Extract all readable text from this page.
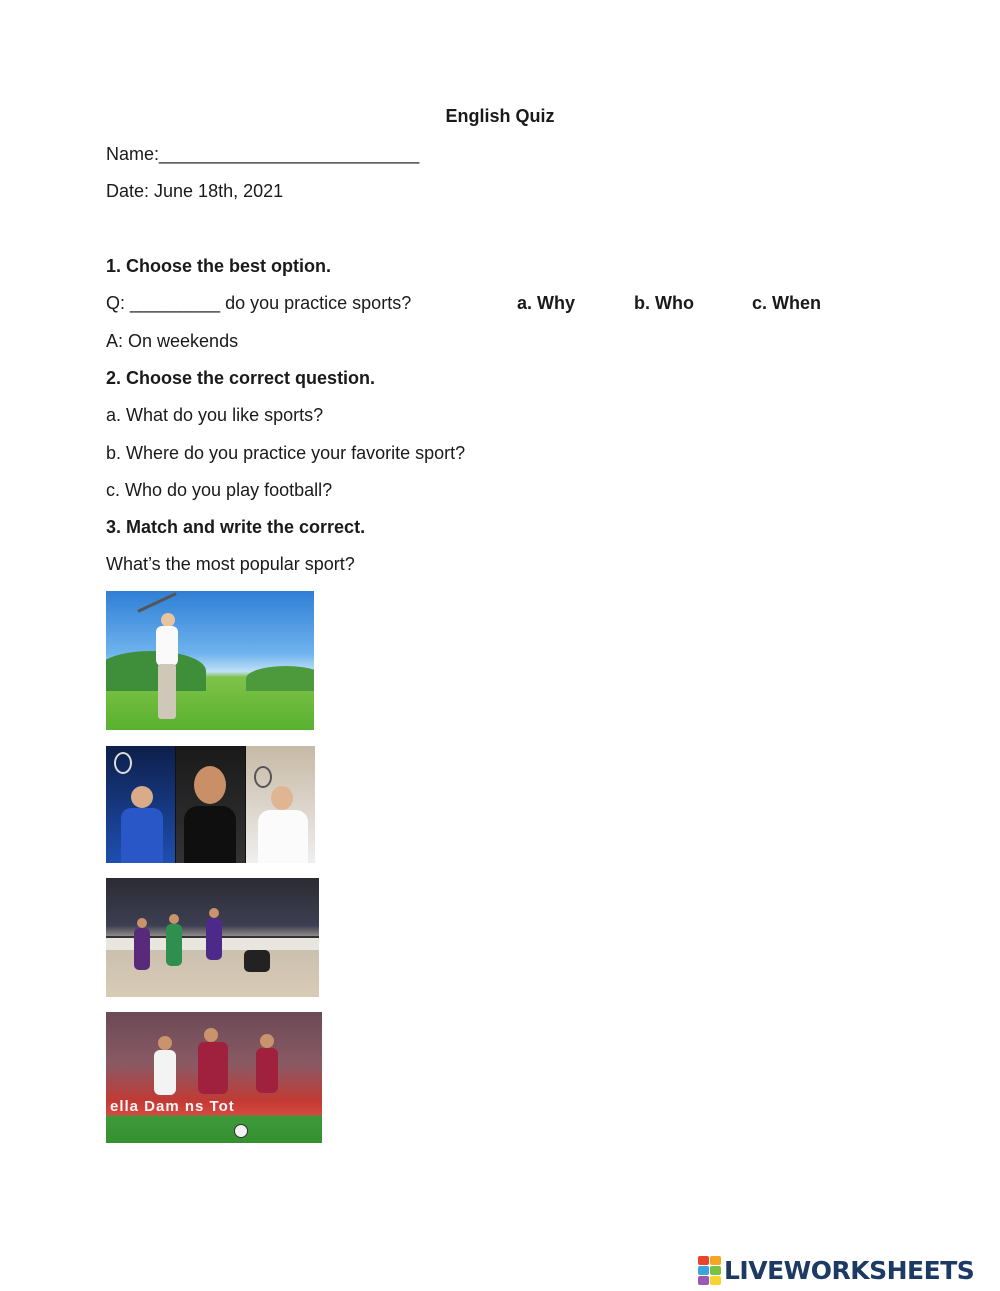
English Quiz
Name:__________________________
Date: June 18th, 2021
1. Choose the best option.
Q: _________ do you practice sports?	a. Why	b. Who	c. When
A: On weekends
2. Choose the correct question.
a. What do you like sports?
b. Where do you practice your favorite sport?
c. Who do you play football?
3. Match and write the correct.
What’s the most popular sport?
ella Dam ns Tot
LIVEWORKSHEETS
